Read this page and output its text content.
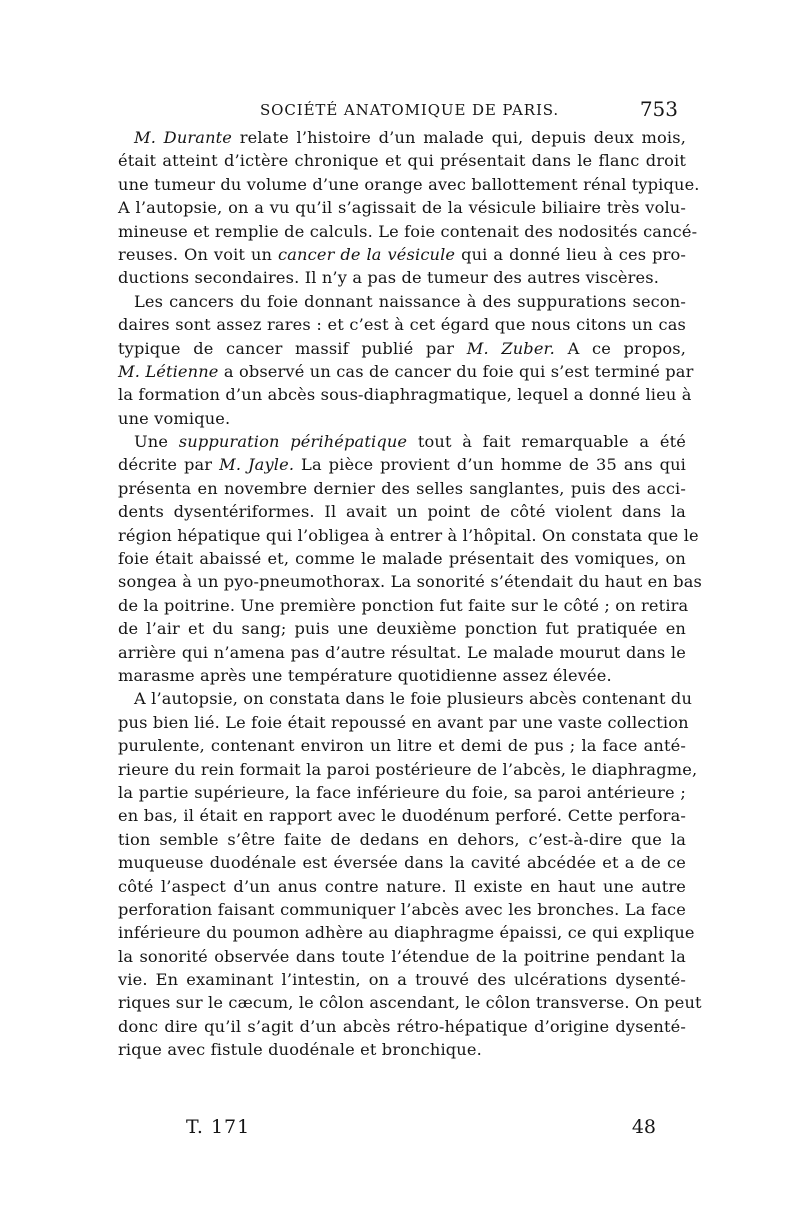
SOCIÉTÉ ANATOMIQUE DE PARIS.	753
M. Durante relate l’histoire d’un malade qui, depuis deux mois,
était atteint d’ictère chronique et qui présentait dans le flanc droit
une tumeur du volume d’une orange avec ballottement rénal typique.
A l’autopsie, on a vu qu’il s’agissait de la vésicule biliaire très volu-
mineuse et remplie de calculs. Le foie contenait des nodosités cancé-
reuses. On voit un cancer de la vésicule qui a donné lieu à ces pro-
ductions secondaires. Il n’y a pas de tumeur des autres viscères.
Les cancers du foie donnant naissance à des suppurations secon-
daires sont assez rares : et c’est à cet égard que nous citons un cas
typique de cancer massif publié par M. Zuber. A ce propos,
M. Létienne a observé un cas de cancer du foie qui s’est terminé par
la formation d’un abcès sous-diaphragmatique, lequel a donné lieu à
une vomique.
Une suppuration périhépatique tout à fait remarquable a été
décrite par M. Jayle. La pièce provient d’un homme de 35 ans qui
présenta en novembre dernier des selles sanglantes, puis des acci-
dents dysentériformes. Il avait un point de côté violent dans la
région hépatique qui l’obligea à entrer à l’hôpital. On constata que le
foie était abaissé et, comme le malade présentait des vomiques, on
songea à un pyo-pneumothorax. La sonorité s’étendait du haut en bas
de la poitrine. Une première ponction fut faite sur le côté ; on retira
de l’air et du sang; puis une deuxième ponction fut pratiquée en
arrière qui n’amena pas d’autre résultat. Le malade mourut dans le
marasme après une température quotidienne assez élevée.
A l’autopsie, on constata dans le foie plusieurs abcès contenant du
pus bien lié. Le foie était repoussé en avant par une vaste collection
purulente, contenant environ un litre et demi de pus ; la face anté-
rieure du rein formait la paroi postérieure de l’abcès, le diaphragme,
la partie supérieure, la face inférieure du foie, sa paroi antérieure ;
en bas, il était en rapport avec le duodénum perforé. Cette perfora-
tion semble s’être faite de dedans en dehors, c’est-à-dire que la
muqueuse duodénale est éversée dans la cavité abcédée et a de ce
côté l’aspect d’un anus contre nature. Il existe en haut une autre
perforation faisant communiquer l’abcès avec les bronches. La face
inférieure du poumon adhère au diaphragme épaissi, ce qui explique
la sonorité observée dans toute l’étendue de la poitrine pendant la
vie. En examinant l’intestin, on a trouvé des ulcérations dysenté-
riques sur le cæcum, le côlon ascendant, le côlon transverse. On peut
donc dire qu’il s’agit d’un abcès rétro-hépatique d’origine dysenté-
rique avec fistule duodénale et bronchique.
T. 171	48
